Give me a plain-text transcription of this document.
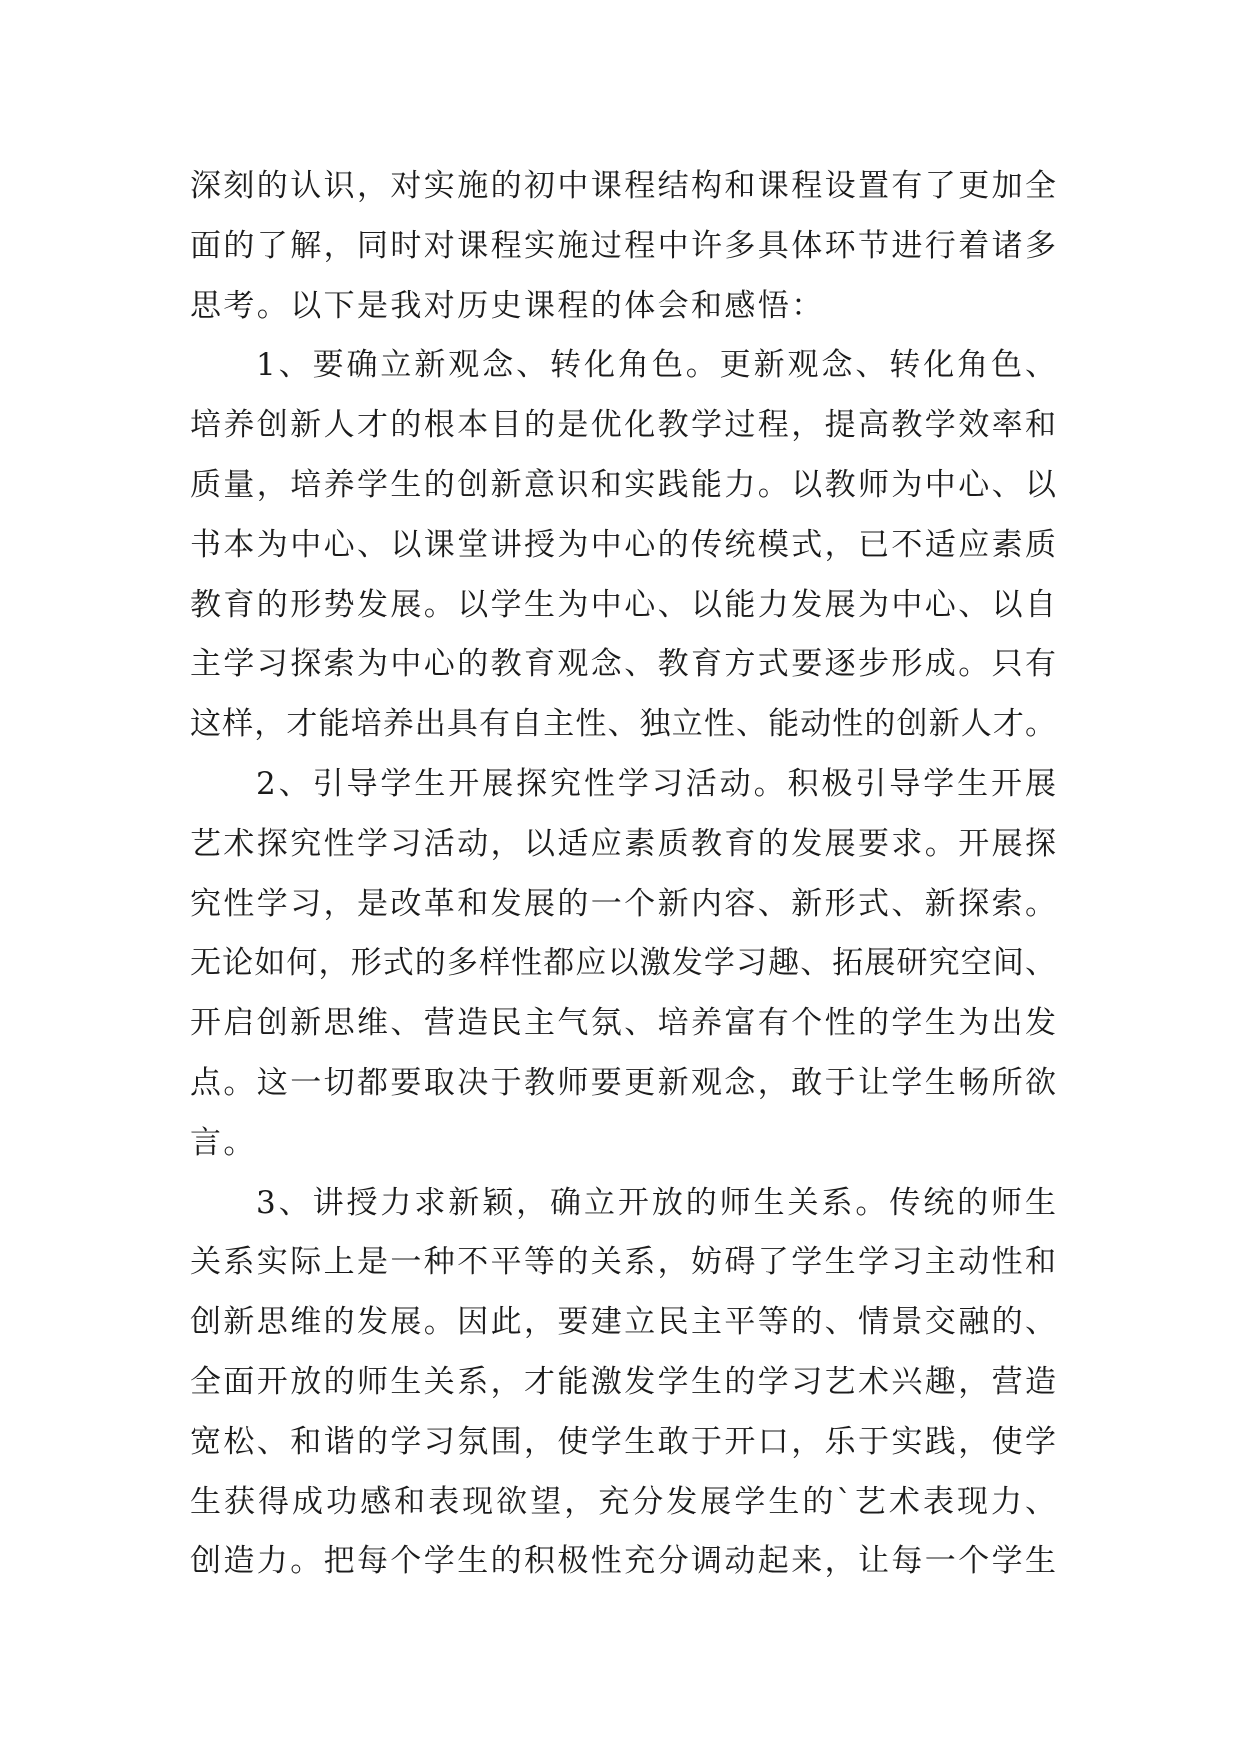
深刻的认识，对实施的初中课程结构和课程设置有了更加全
面的了解，同时对课程实施过程中许多具体环节进行着诸多
思考。以下是我对历史课程的体会和感悟：
1、要确立新观念、转化角色。更新观念、转化角色、
培养创新人才的根本目的是优化教学过程，提高教学效率和
质量，培养学生的创新意识和实践能力。以教师为中心、以
书本为中心、以课堂讲授为中心的传统模式，已不适应素质
教育的形势发展。以学生为中心、以能力发展为中心、以自
主学习探索为中心的教育观念、教育方式要逐步形成。只有
这样，才能培养出具有自主性、独立性、能动性的创新人才。
2、引导学生开展探究性学习活动。积极引导学生开展
艺术探究性学习活动，以适应素质教育的发展要求。开展探
究性学习，是改革和发展的一个新内容、新形式、新探索。
无论如何，形式的多样性都应以激发学习趣、拓展研究空间、
开启创新思维、营造民主气氛、培养富有个性的学生为出发
点。这一切都要取决于教师要更新观念，敢于让学生畅所欲
言。
3、讲授力求新颖，确立开放的师生关系。传统的师生
关系实际上是一种不平等的关系，妨碍了学生学习主动性和
创新思维的发展。因此，要建立民主平等的、情景交融的、
全面开放的师生关系，才能激发学生的学习艺术兴趣，营造
宽松、和谐的学习氛围，使学生敢于开口，乐于实践，使学
生获得成功感和表现欲望，充分发展学生的`艺术表现力、
创造力。把每个学生的积极性充分调动起来，让每一个学生
